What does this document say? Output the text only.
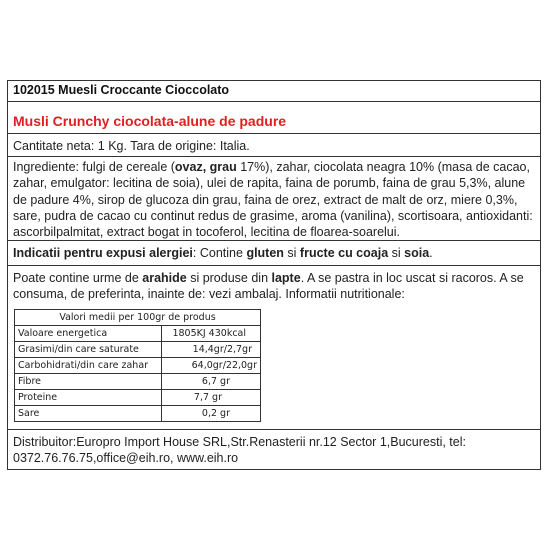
102015 Muesli Croccante Cioccolato
Musli Crunchy ciocolata-alune de padure
Cantitate neta: 1 Kg. Tara de origine: Italia.
Ingrediente: fulgi de cereale (ovaz, grau 17%), zahar, ciocolata neagra 10% (masa de cacao, zahar, emulgator: lecitina de soia), ulei de rapita, faina de porumb, faina de grau 5,3%, alune de padure 4%, sirop de glucoza din grau, faina de orez, extract de malt de orz, miere 0,3%, sare, pudra de cacao cu continut redus de grasime, aroma (vanilina), scortisoara, antioxidanti: ascorbilpalmitat, extract bogat in tocoferol, lecitina de floarea-soarelui.
Indicatii pentru expusi alergiei: Contine gluten si fructe cu coaja si soia.
Poate contine urme de arahide si produse din lapte. A se pastra in loc uscat si racoros. A se consuma, de preferinta, inainte de: vezi ambalaj. Informatii nutritionale:
Valori medii per 100gr de produs	
Valoare energetica	1805KJ 430kcal
Grasimi/din care saturate	14,4gr/2,7gr
Carbohidrati/din care zahar	64,0gr/22,0gr
Fibre	6,7 gr
Proteine	7,7 gr
Sare	0,2 gr
Distribuitor:Europro Import House SRL,Str.Renasterii nr.12 Sector 1,Bucuresti, tel: 0372.76.76.75,office@eih.ro, www.eih.ro
